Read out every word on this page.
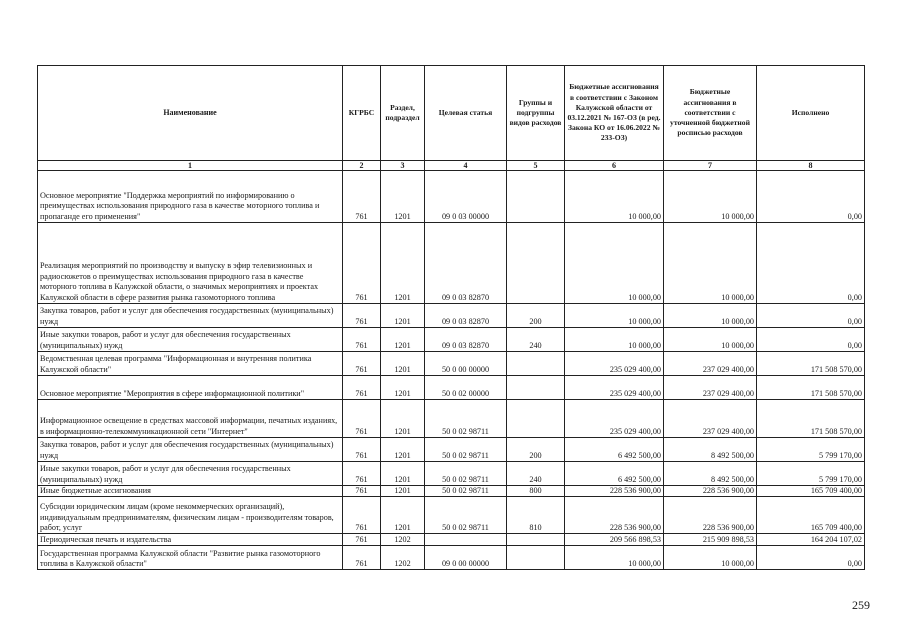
Наименование	КГРБС	Раздел, подраздел	Целевая статья	Группы и подгруппы видов расходов	Бюджетные ассигнования в соответствии с Законом Калужской области от 03.12.2021 № 167-ОЗ (в ред. Закона КО от 16.06.2022 № 233-ОЗ)	Бюджетные ассигнования в соответствии с уточненной бюджетной росписью расходов	Исполнено
1	2	3	4	5	6	7	8
Основное мероприятие "Поддержка мероприятий по информированию о преимуществах использования природного газа в качестве моторного топлива и пропаганде его применения"	761	1201	09 0 03 00000		10 000,00	10 000,00	0,00
Реализация мероприятий по производству и выпуску в эфир телевизионных и радиосюжетов о преимуществах использования природного газа в качестве моторного топлива в Калужской области, о значимых мероприятиях и проектах Калужской области в сфере развития рынка газомоторного топлива	761	1201	09 0 03 82870		10 000,00	10 000,00	0,00
Закупка товаров, работ и услуг для обеспечения государственных (муниципальных) нужд	761	1201	09 0 03 82870	200	10 000,00	10 000,00	0,00
Иные закупки товаров, работ и услуг для обеспечения государственных (муниципальных) нужд	761	1201	09 0 03 82870	240	10 000,00	10 000,00	0,00
Ведомственная целевая программа "Информационная и внутренняя политика Калужской области"	761	1201	50 0 00 00000		235 029 400,00	237 029 400,00	171 508 570,00
Основное мероприятие "Мероприятия в сфере информационной политики"	761	1201	50 0 02 00000		235 029 400,00	237 029 400,00	171 508 570,00
Информационное освещение в средствах массовой информации, печатных изданиях, в информационно-телекоммуникационной сети "Интернет"	761	1201	50 0 02 98711		235 029 400,00	237 029 400,00	171 508 570,00
Закупка товаров, работ и услуг для обеспечения государственных (муниципальных) нужд	761	1201	50 0 02 98711	200	6 492 500,00	8 492 500,00	5 799 170,00
Иные закупки товаров, работ и услуг для обеспечения государственных (муниципальных) нужд	761	1201	50 0 02 98711	240	6 492 500,00	8 492 500,00	5 799 170,00
Иные бюджетные ассигнования	761	1201	50 0 02 98711	800	228 536 900,00	228 536 900,00	165 709 400,00
Субсидии юридическим лицам (кроме некоммерческих организаций), индивидуальным предпринимателям, физическим лицам - производителям товаров, работ, услуг	761	1201	50 0 02 98711	810	228 536 900,00	228 536 900,00	165 709 400,00
Периодическая печать и издательства	761	1202			209 566 898,53	215 909 898,53	164 204 107,02
Государственная программа Калужской области "Развитие рынка газомоторного топлива в Калужской области"	761	1202	09 0 00 00000		10 000,00	10 000,00	0,00
259
